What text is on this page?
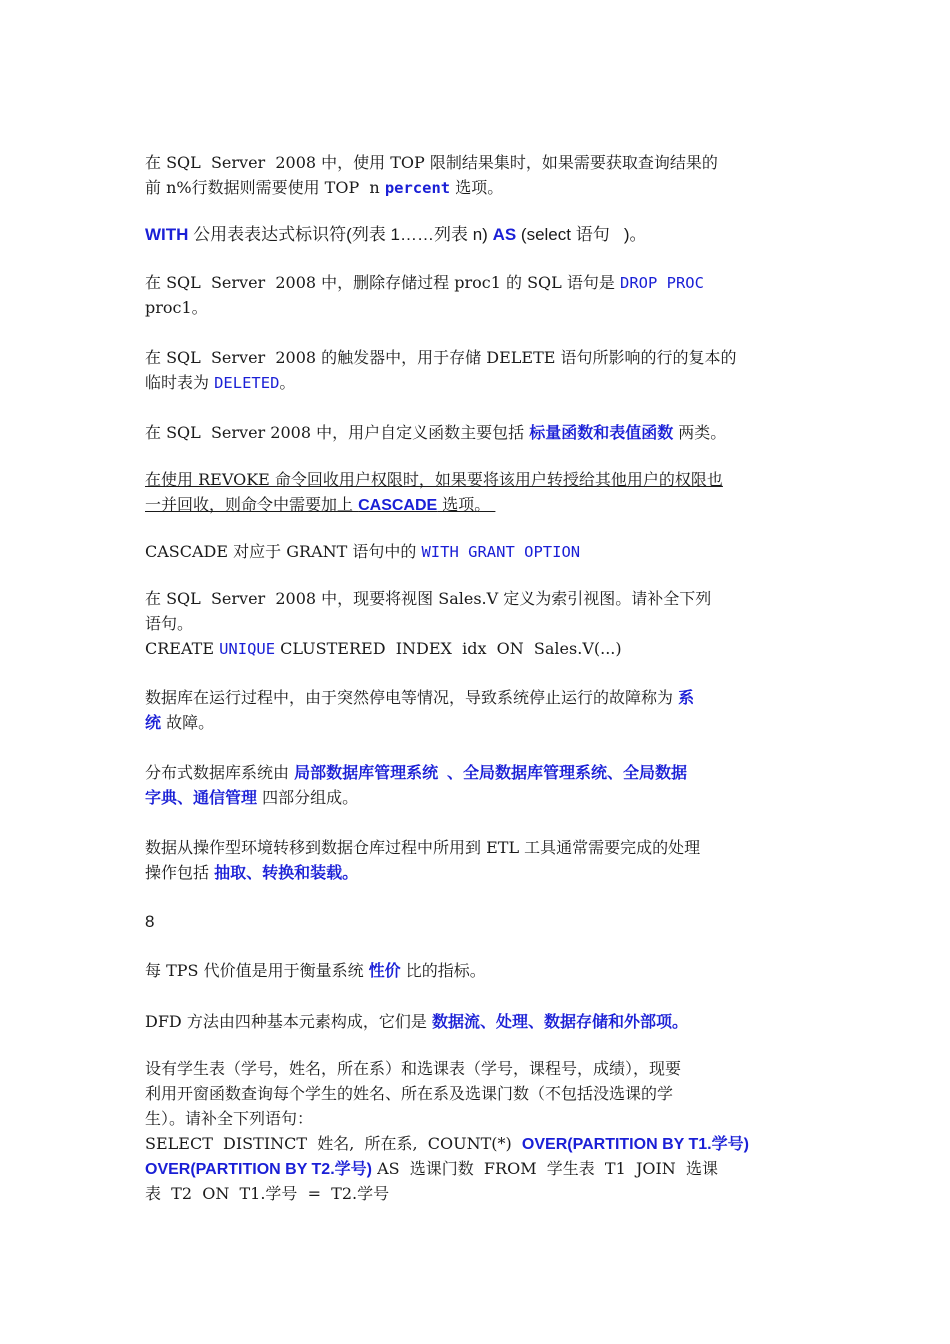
在 SQL  Server  2008 中，使用 TOP 限制结果集时，如果需要获取查询结果的
前 n%行数据则需要使用 TOP  n percent 选项。
WITH 公用表表达式标识符(列表 1……列表 n) AS (select 语句   )。
在 SQL  Server  2008 中，删除存储过程 proc1 的 SQL 语句是 DROP PROC
proc1。
在 SQL  Server  2008 的触发器中，用于存储 DELETE 语句所影响的行的复本的
临时表为 DELETED。
在 SQL  Server 2008 中，用户自定义函数主要包括 标量函数和表值函数 两类。
在使用 REVOKE 命令回收用户权限时，如果要将该用户转授给其他用户的权限也
一并回收，则命令中需要加上 CASCADE 选项。
CASCADE 对应于 GRANT 语句中的 WITH GRANT OPTION
在 SQL  Server  2008 中，现要将视图 Sales.V 定义为索引视图。请补全下列
语句。
CREATE UNIQUE CLUSTERED  INDEX  idx  ON  Sales.V(...)
数据库在运行过程中，由于突然停电等情况，导致系统停止运行的故障称为 系
统 故障。
分布式数据库系统由 局部数据库管理系统  、全局数据库管理系统、全局数据
字典、通信管理 四部分组成。
数据从操作型环境转移到数据仓库过程中所用到 ETL 工具通常需要完成的处理
操作包括 抽取、转换和装载。
8
每 TPS 代价值是用于衡量系统 性价 比的指标。
DFD 方法由四种基本元素构成，它们是 数据流、处理、数据存储和外部项。
设有学生表（学号，姓名，所在系）和选课表（学号，课程号，成绩），现要
利用开窗函数查询每个学生的姓名、所在系及选课门数（不包括没选课的学
生）。请补全下列语句：
SELECT  DISTINCT  姓名,  所在系,  COUNT(*)  OVER(PARTITION BY T1.学号)
OVER(PARTITION BY T2.学号) AS  选课门数  FROM  学生表  T1  JOIN  选课
表  T2  ON  T1.学号  =  T2.学号
